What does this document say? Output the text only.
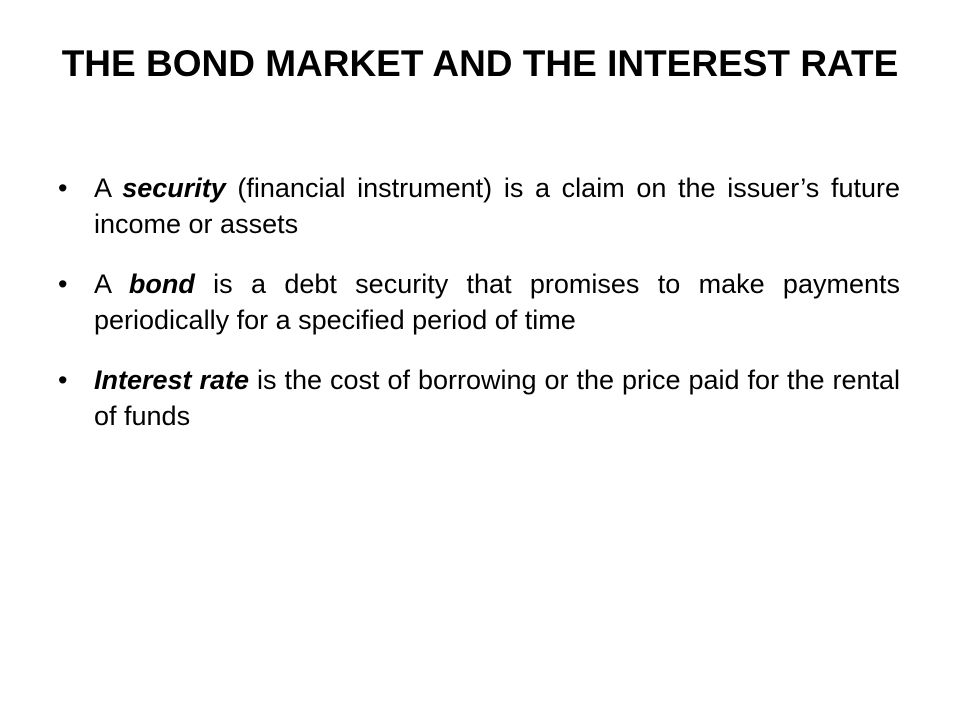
THE BOND MARKET AND THE INTEREST RATE
• A security (financial instrument) is a claim on the issuer’s future income or assets
• A bond is a debt security that promises to make payments periodically for a specified period of time
• Interest rate is the cost of borrowing or the price paid for the rental of funds
